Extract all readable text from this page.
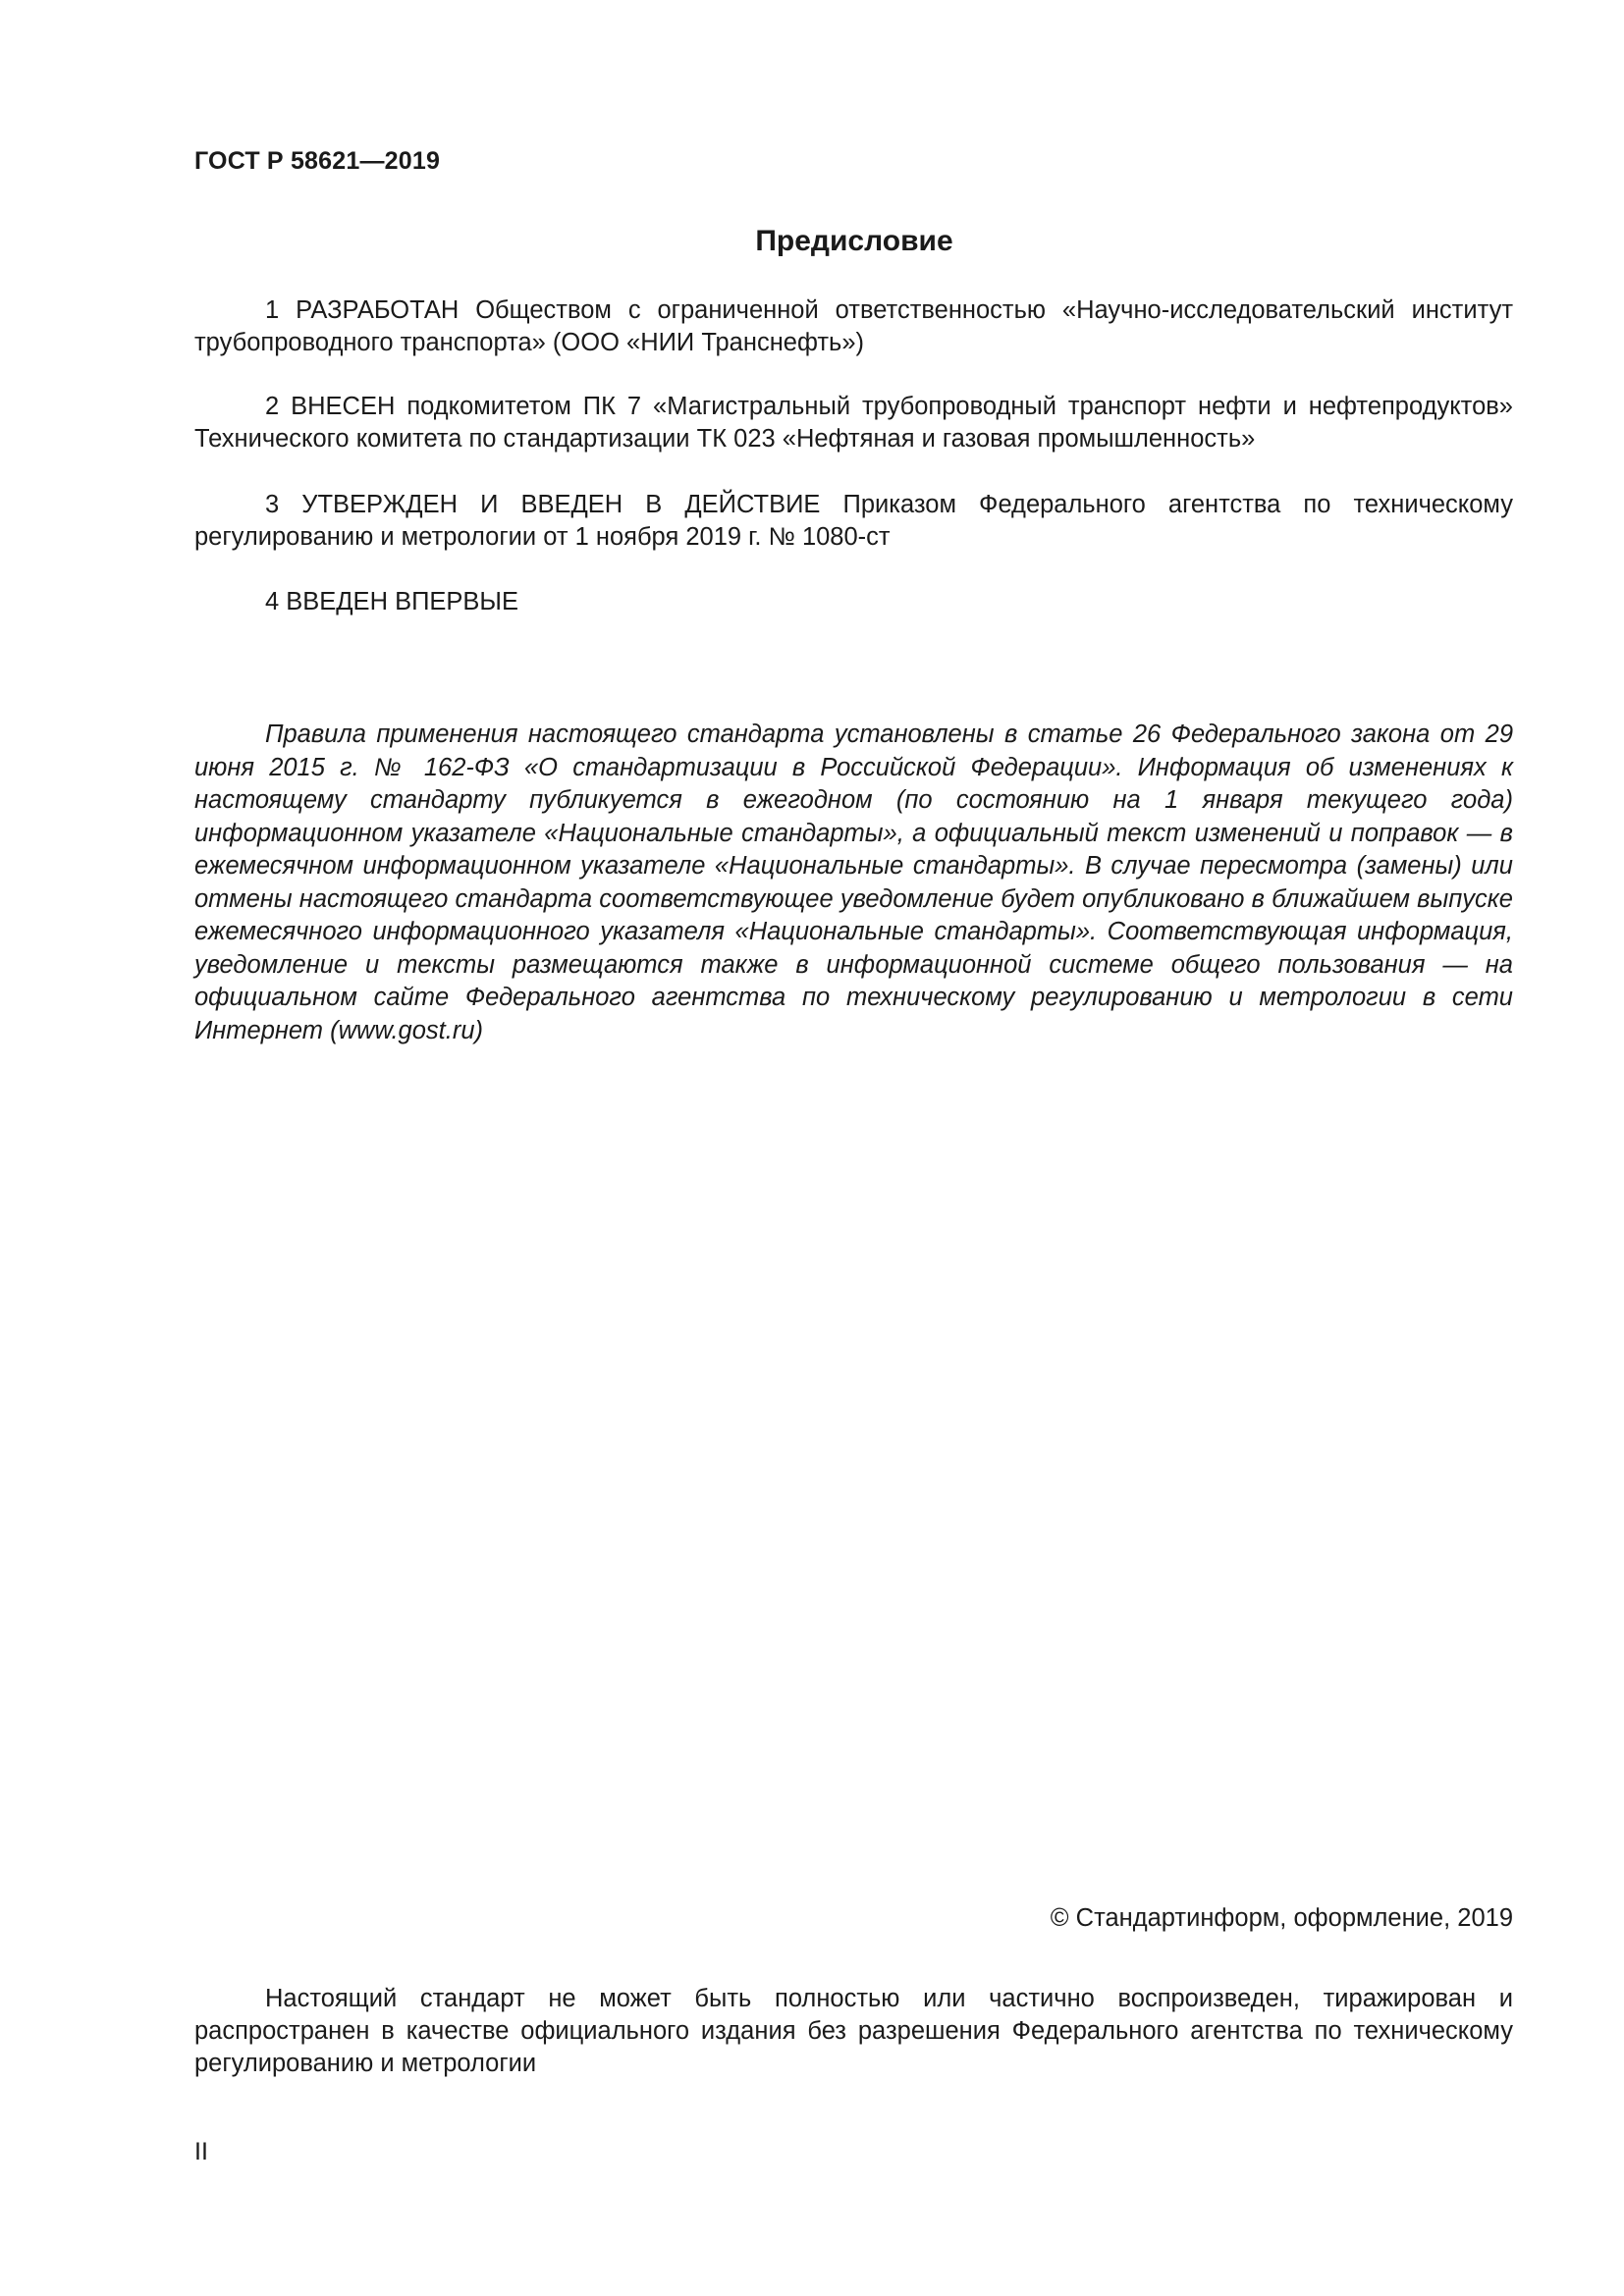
ГОСТ Р 58621—2019
Предисловие

1 РАЗРАБОТАН Обществом с ограниченной ответственностью «Научно-исследовательский институт трубопроводного транспорта» (ООО «НИИ Транснефть»)

2 ВНЕСЕН подкомитетом ПК 7 «Магистральный трубопроводный транспорт нефти и нефтепродуктов» Технического комитета по стандартизации ТК 023 «Нефтяная и газовая промышленность»

3 УТВЕРЖДЕН И ВВЕДЕН В ДЕЙСТВИЕ Приказом Федерального агентства по техническому регулированию и метрологии от 1 ноября 2019 г. № 1080-ст

4 ВВЕДЕН ВПЕРВЫЕ

Правила применения настоящего стандарта установлены в статье 26 Федерального закона от 29 июня 2015 г. № 162-ФЗ «О стандартизации в Российской Федерации». Информация об изменениях к настоящему стандарту публикуется в ежегодном (по состоянию на 1 января текущего года) информационном указателе «Национальные стандарты», а официальный текст изменений и поправок — в ежемесячном информационном указателе «Национальные стандарты». В случае пересмотра (замены) или отмены настоящего стандарта соответствующее уведомление будет опубликовано в ближайшем выпуске ежемесячного информационного указателя «Национальные стандарты». Соответствующая информация, уведомление и тексты размещаются также в информационной системе общего пользования — на официальном сайте Федерального агентства по техническому регулированию и метрологии в сети Интернет (www.gost.ru)

© Стандартинформ, оформление, 2019

Настоящий стандарт не может быть полностью или частично воспроизведен, тиражирован и распространен в качестве официального издания без разрешения Федерального агентства по техническому регулированию и метрологии

II
